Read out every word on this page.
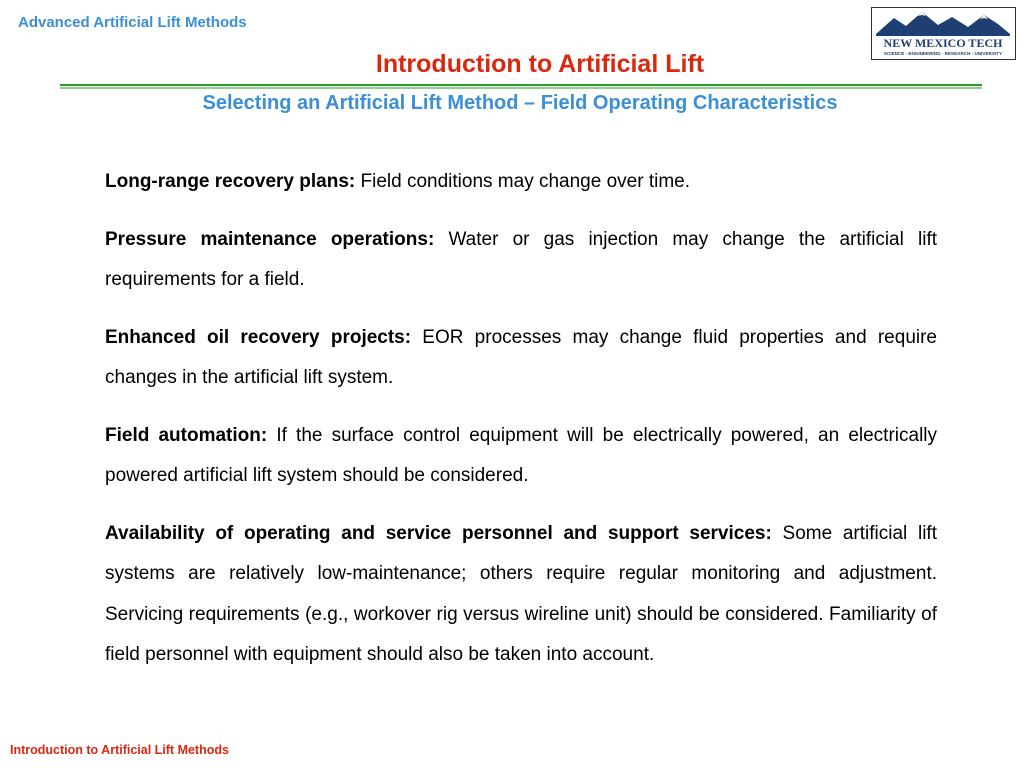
Advanced Artificial Lift Methods
NEW MEXICO TECH
SCIENCE · ENGINEERING · RESEARCH · UNIVERSITY
Introduction to Artificial Lift
Selecting an Artificial Lift Method – Field Operating Characteristics

Long-range recovery plans: Field conditions may change over time.

Pressure maintenance operations: Water or gas injection may change the artificial lift requirements for a field.

Enhanced oil recovery projects: EOR processes may change fluid properties and require changes in the artificial lift system.

Field automation: If the surface control equipment will be electrically powered, an electrically powered artificial lift system should be considered.

Availability of operating and service personnel and support services: Some artificial lift systems are relatively low-maintenance; others require regular monitoring and adjustment. Servicing requirements (e.g., workover rig versus wireline unit) should be considered. Familiarity of field personnel with equipment should also be taken into account.

Introduction to Artificial Lift Methods
